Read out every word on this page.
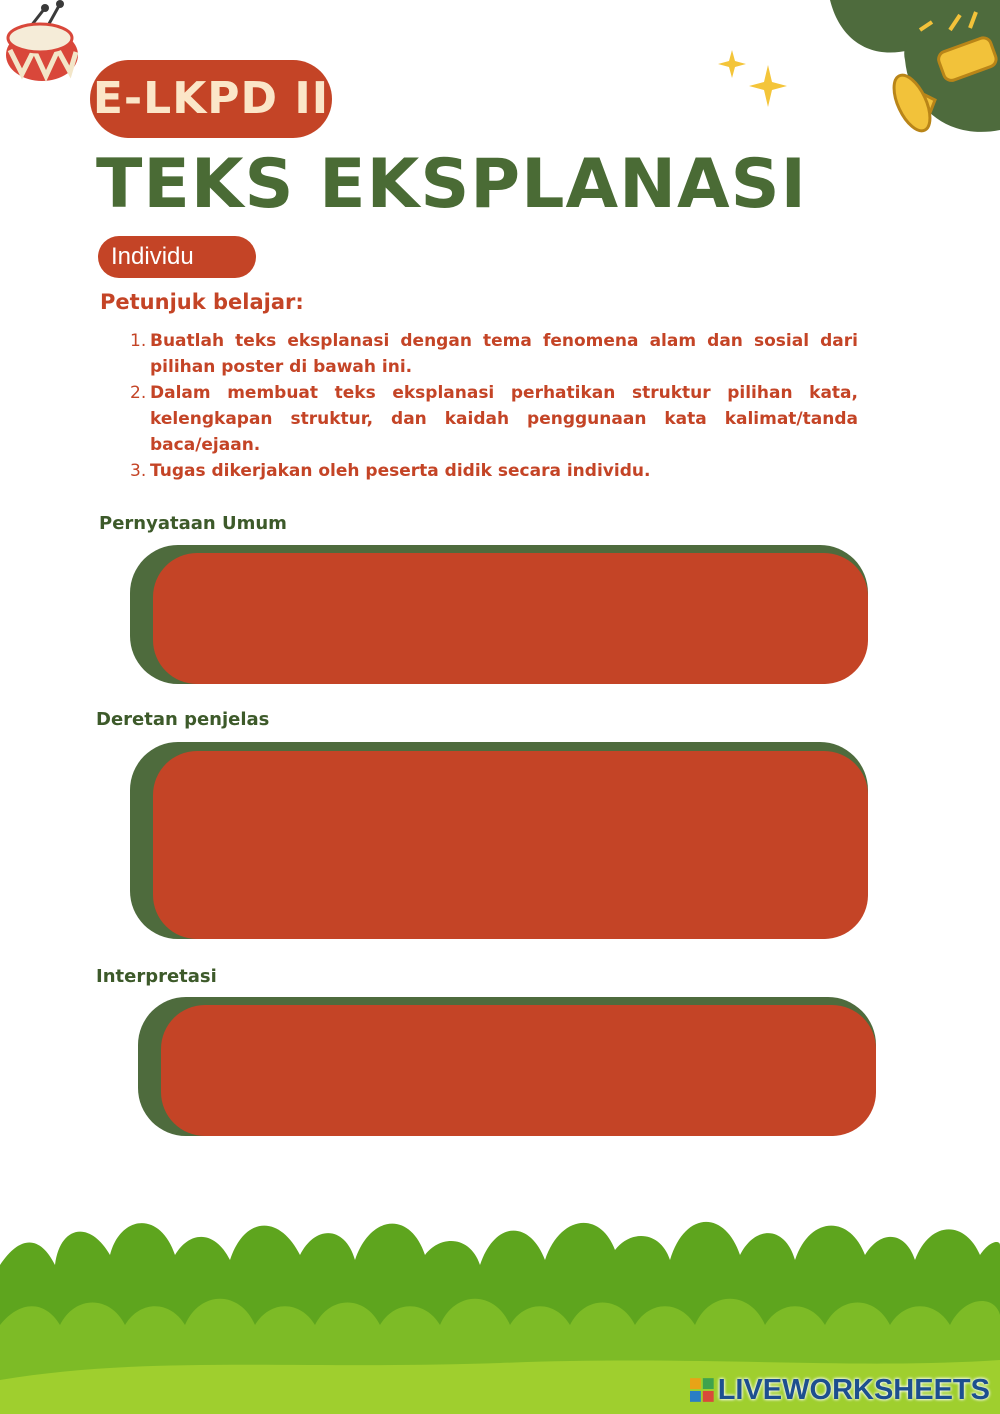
E-LKPD II
TEKS EKSPLANASI
Individu
Petunjuk belajar:
1. Buatlah teks eksplanasi dengan tema fenomena alam dan sosial dari pilihan poster di bawah ini.
2. Dalam membuat teks eksplanasi perhatikan struktur pilihan kata, kelengkapan struktur, dan kaidah penggunaan kata kalimat/tanda baca/ejaan.
3. Tugas dikerjakan oleh peserta didik secara individu.
Pernyataan Umum
Deretan penjelas
Interpretasi
LIVEWORKSHEETS
